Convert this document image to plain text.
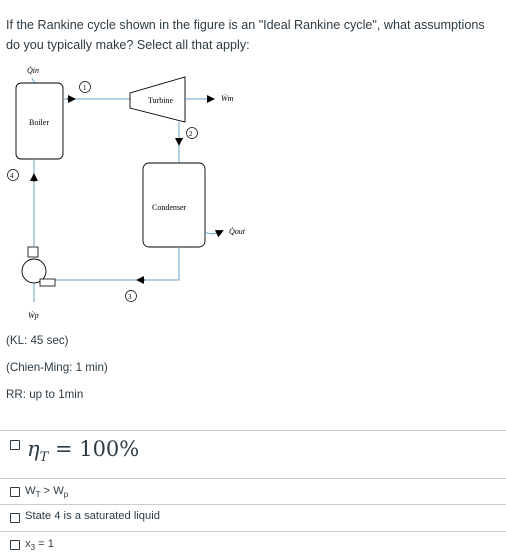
If the Rankine cycle shown in the figure is an "Ideal Rankine cycle", what assumptions do you typically make? Select all that apply:
Q̇in
Boiler
1
Turbine	Ẇт
2
Condenser
Q̇out
3
Ẇp
4
(KL: 45 sec)
(Chien-Ming: 1 min)
RR: up to 1min
$\eta_T = 100\%$
$W_T > W_p$
State 4 is a saturated liquid
$x_3 = 1$
